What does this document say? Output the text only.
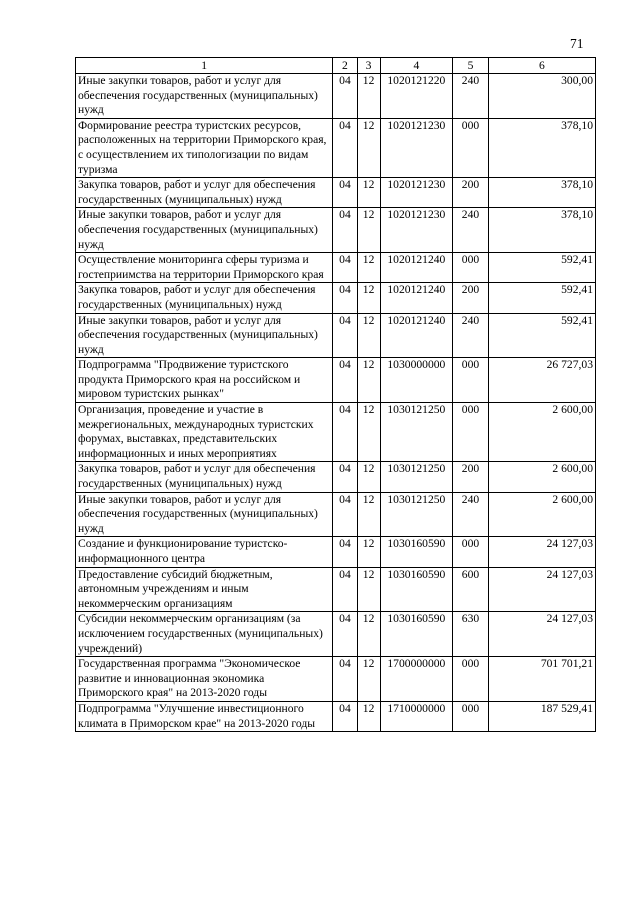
71
1	2	3	4	5	6
Иные закупки товаров, работ и услуг для обеспечения государственных (муниципальных) нужд	04	12	1020121220	240	300,00
Формирование реестра туристских ресурсов, расположенных на территории Приморского края, с осуществлением их типологизации по видам туризма	04	12	1020121230	000	378,10
Закупка товаров, работ и услуг для обеспечения государственных (муниципальных) нужд	04	12	1020121230	200	378,10
Иные закупки товаров, работ и услуг для обеспечения государственных (муниципальных) нужд	04	12	1020121230	240	378,10
Осуществление мониторинга сферы туризма и гостеприимства на территории Приморского края	04	12	1020121240	000	592,41
Закупка товаров, работ и услуг для обеспечения государственных (муниципальных) нужд	04	12	1020121240	200	592,41
Иные закупки товаров, работ и услуг для обеспечения государственных (муниципальных) нужд	04	12	1020121240	240	592,41
Подпрограмма "Продвижение туристского продукта Приморского края на российском и мировом туристских рынках"	04	12	1030000000	000	26 727,03
Организация, проведение и участие в межрегиональных, международных туристских форумах, выставках, представительских информационных и иных мероприятиях	04	12	1030121250	000	2 600,00
Закупка товаров, работ и услуг для обеспечения государственных (муниципальных) нужд	04	12	1030121250	200	2 600,00
Иные закупки товаров, работ и услуг для обеспечения государственных (муниципальных) нужд	04	12	1030121250	240	2 600,00
Создание и функционирование туристско-информационного центра	04	12	1030160590	000	24 127,03
Предоставление субсидий бюджетным, автономным учреждениям и иным некоммерческим организациям	04	12	1030160590	600	24 127,03
Субсидии некоммерческим организациям (за исключением государственных (муниципальных) учреждений)	04	12	1030160590	630	24 127,03
Государственная программа "Экономическое развитие и инновационная экономика Приморского края" на 2013-2020 годы	04	12	1700000000	000	701 701,21
Подпрограмма "Улучшение инвестиционного климата в Приморском крае" на 2013-2020 годы	04	12	1710000000	000	187 529,41
